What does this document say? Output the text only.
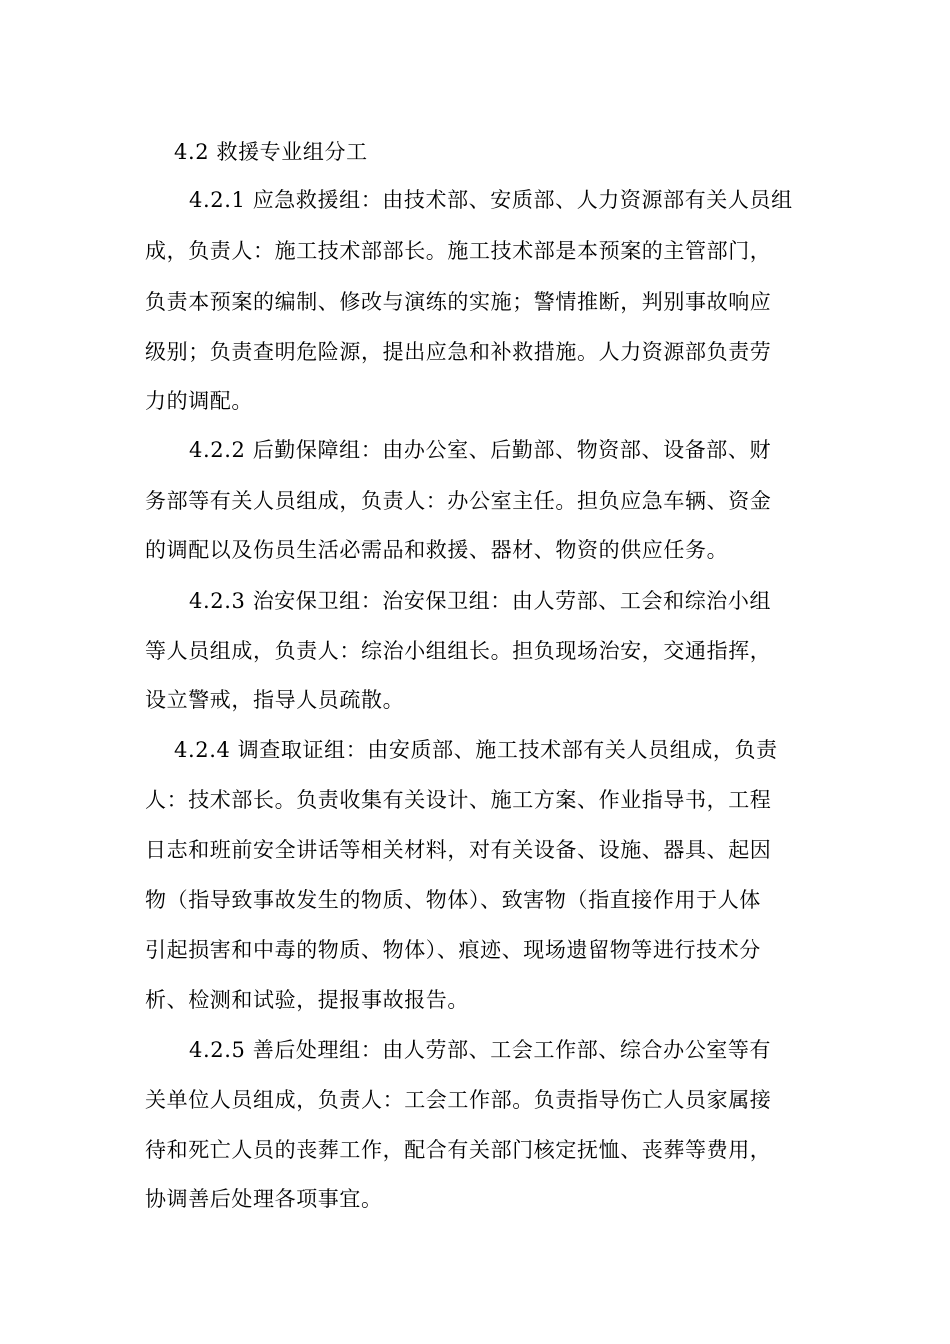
4.2 救援专业组分工
4.2.1 应急救援组：由技术部、安质部、人力资源部有关人员组
成，负责人：施工技术部部长。施工技术部是本预案的主管部门，
负责本预案的编制、修改与演练的实施；警情推断，判别事故响应
级别；负责查明危险源，提出应急和补救措施。人力资源部负责劳
力的调配。
4.2.2 后勤保障组：由办公室、后勤部、物资部、设备部、财
务部等有关人员组成，负责人：办公室主任。担负应急车辆、资金
的调配以及伤员生活必需品和救援、器材、物资的供应任务。
4.2.3 治安保卫组：治安保卫组：由人劳部、工会和综治小组
等人员组成，负责人：综治小组组长。担负现场治安，交通指挥，
设立警戒，指导人员疏散。
4.2.4 调查取证组：由安质部、施工技术部有关人员组成，负责
人：技术部长。负责收集有关设计、施工方案、作业指导书，工程
日志和班前安全讲话等相关材料，对有关设备、设施、器具、起因
物（指导致事故发生的物质、物体）、致害物（指直接作用于人体
引起损害和中毒的物质、物体）、痕迹、现场遗留物等进行技术分
析、检测和试验，提报事故报告。
4.2.5 善后处理组：由人劳部、工会工作部、综合办公室等有
关单位人员组成，负责人：工会工作部。负责指导伤亡人员家属接
待和死亡人员的丧葬工作，配合有关部门核定抚恤、丧葬等费用，
协调善后处理各项事宜。
